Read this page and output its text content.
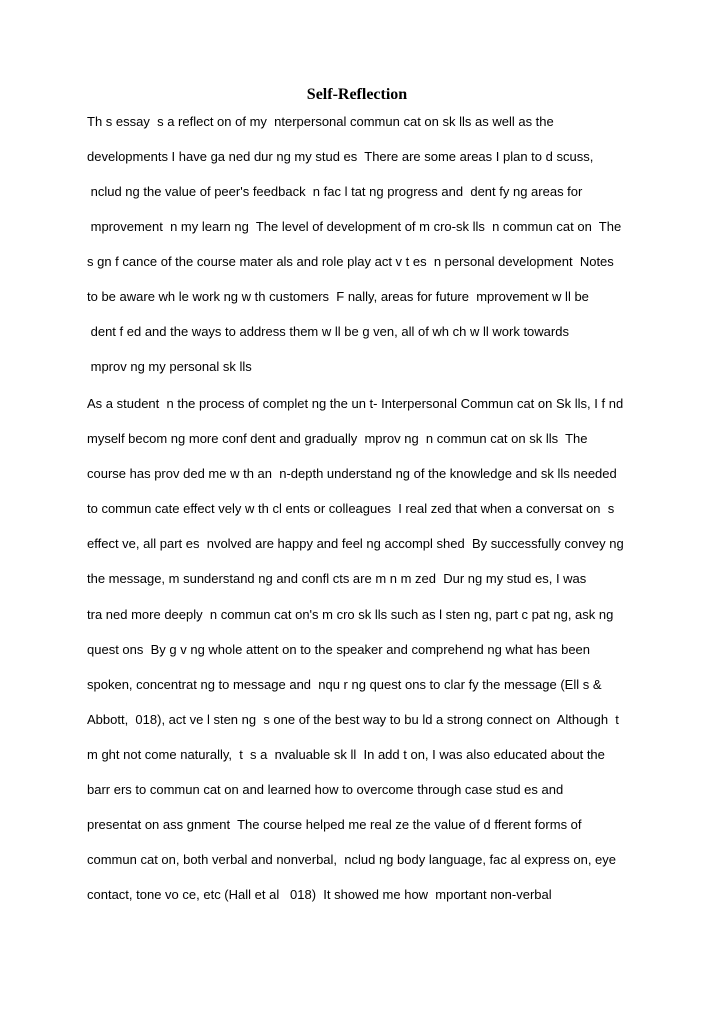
Self-Reflection
Th s essay  s a reflect on of my  nterpersonal commun cat on sk lls as well as the
developments I have ga ned dur ng my stud es  There are some areas I plan to d scuss,
nclud ng the value of peer's feedback  n fac l tat ng progress and  dent fy ng areas for
mprovement  n my learn ng  The level of development of m cro-sk lls  n commun cat on  The
s gn f cance of the course mater als and role play act v t es  n personal development  Notes
to be aware wh le work ng w th customers  F nally, areas for future  mprovement w ll be
dent f ed and the ways to address them w ll be g ven, all of wh ch w ll work towards
mprov ng my personal sk lls
As a student  n the process of complet ng the un t- Interpersonal Commun cat on Sk lls, I f nd
myself becom ng more conf dent and gradually  mprov ng  n commun cat on sk lls  The
course has prov ded me w th an  n-depth understand ng of the knowledge and sk lls needed
to commun cate effect vely w th cl ents or colleagues  I real zed that when a conversat on  s
effect ve, all part es  nvolved are happy and feel ng accompl shed  By successfully convey ng
the message, m sunderstand ng and confl cts are m n m zed  Dur ng my stud es, I was
tra ned more deeply  n commun cat on's m cro sk lls such as l sten ng, part c pat ng, ask ng
quest ons  By g v ng whole attent on to the speaker and comprehend ng what has been
spoken, concentrat ng to message and  nqu r ng quest ons to clar fy the message (Ell s &
Abbott,  018), act ve l sten ng  s one of the best way to bu ld a strong connect on  Although  t
m ght not come naturally,  t  s a  nvaluable sk ll  In add t on, I was also educated about the
barr ers to commun cat on and learned how to overcome through case stud es and
presentat on ass gnment  The course helped me real ze the value of d fferent forms of
commun cat on, both verbal and nonverbal,  nclud ng body language, fac al express on, eye
contact, tone vo ce, etc (Hall et al   018)  It showed me how  mportant non-verbal
